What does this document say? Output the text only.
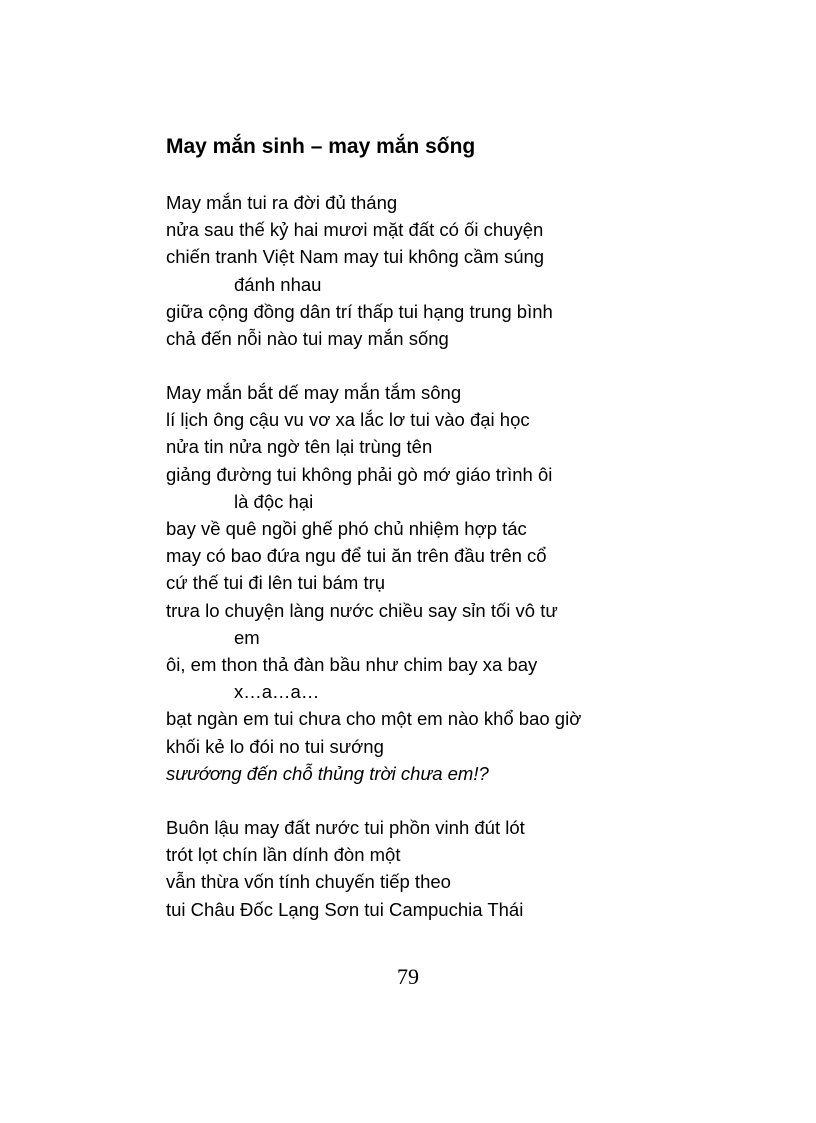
May mắn sinh – may mắn sống
May mắn tui ra đời đủ tháng
nửa sau thế kỷ hai mươi mặt đất có ối chuyện
chiến tranh Việt Nam may tui không cầm súng
đánh nhau
giữa cộng đồng dân trí thấp tui hạng trung bình
chả đến nỗi nào tui may mắn sống
May mắn bắt dế may mắn tắm sông
lí lịch ông cậu vu vơ xa lắc lơ tui vào đại học
nửa tin nửa ngờ tên lại trùng tên
giảng đường tui không phải gò mớ giáo trình ôi
là độc hại
bay về quê ngồi ghế phó chủ nhiệm hợp tác
may có bao đứa ngu để tui ăn trên đầu trên cổ
cứ thế tui đi lên tui bám trụ
trưa lo chuyện làng nước chiều say sỉn tối vô tư
em
ôi, em thon thả đàn bầu như chim bay xa bay
x…a…a…
bạt ngàn em tui chưa cho một em nào khổ bao giờ
khối kẻ lo đói no tui sướng
sưướơng đến chỗ thủng trời chưa em!?
Buôn lậu may đất nước tui phồn vinh đút lót
trót lọt chín lần dính đòn một
vẫn thừa vốn tính chuyến tiếp theo
tui Châu Đốc Lạng Sơn tui Campuchia Thái
79
